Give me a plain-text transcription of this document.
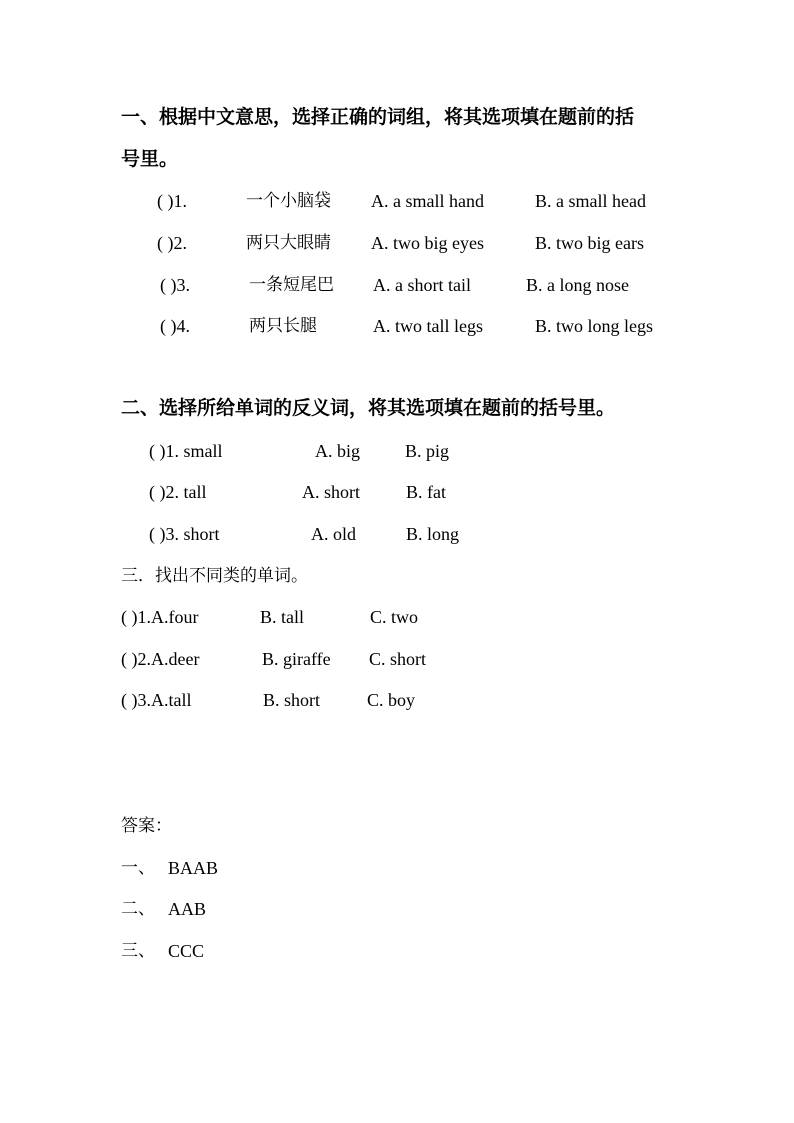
一、根据中文意思，选择正确的词组，将其选项填在题前的括
号里。
( )1.	一个小脑袋 A. a small hand	B. a small head
( )2.	两只大眼睛 A. two big eyes	B. two big ears
( )3.	一条短尾巴 A. a short tail	B. a long nose
( )4.	两只长腿	A. two tall legs	B. two long legs
二、选择所给单词的反义词，将其选项填在题前的括号里。
( )1. small	A. big	B. pig
( )2. tall	A. short	B. fat
( )3. short	A. old	B. long
三．找出不同类的单词。
( )1.A.four	B. tall	C. two
( )2.A.deer	B. giraffe C. short
( )3.A.tall	B. short	C. boy
答案：
一、 BAAB
二、 AAB
三、 CCC
